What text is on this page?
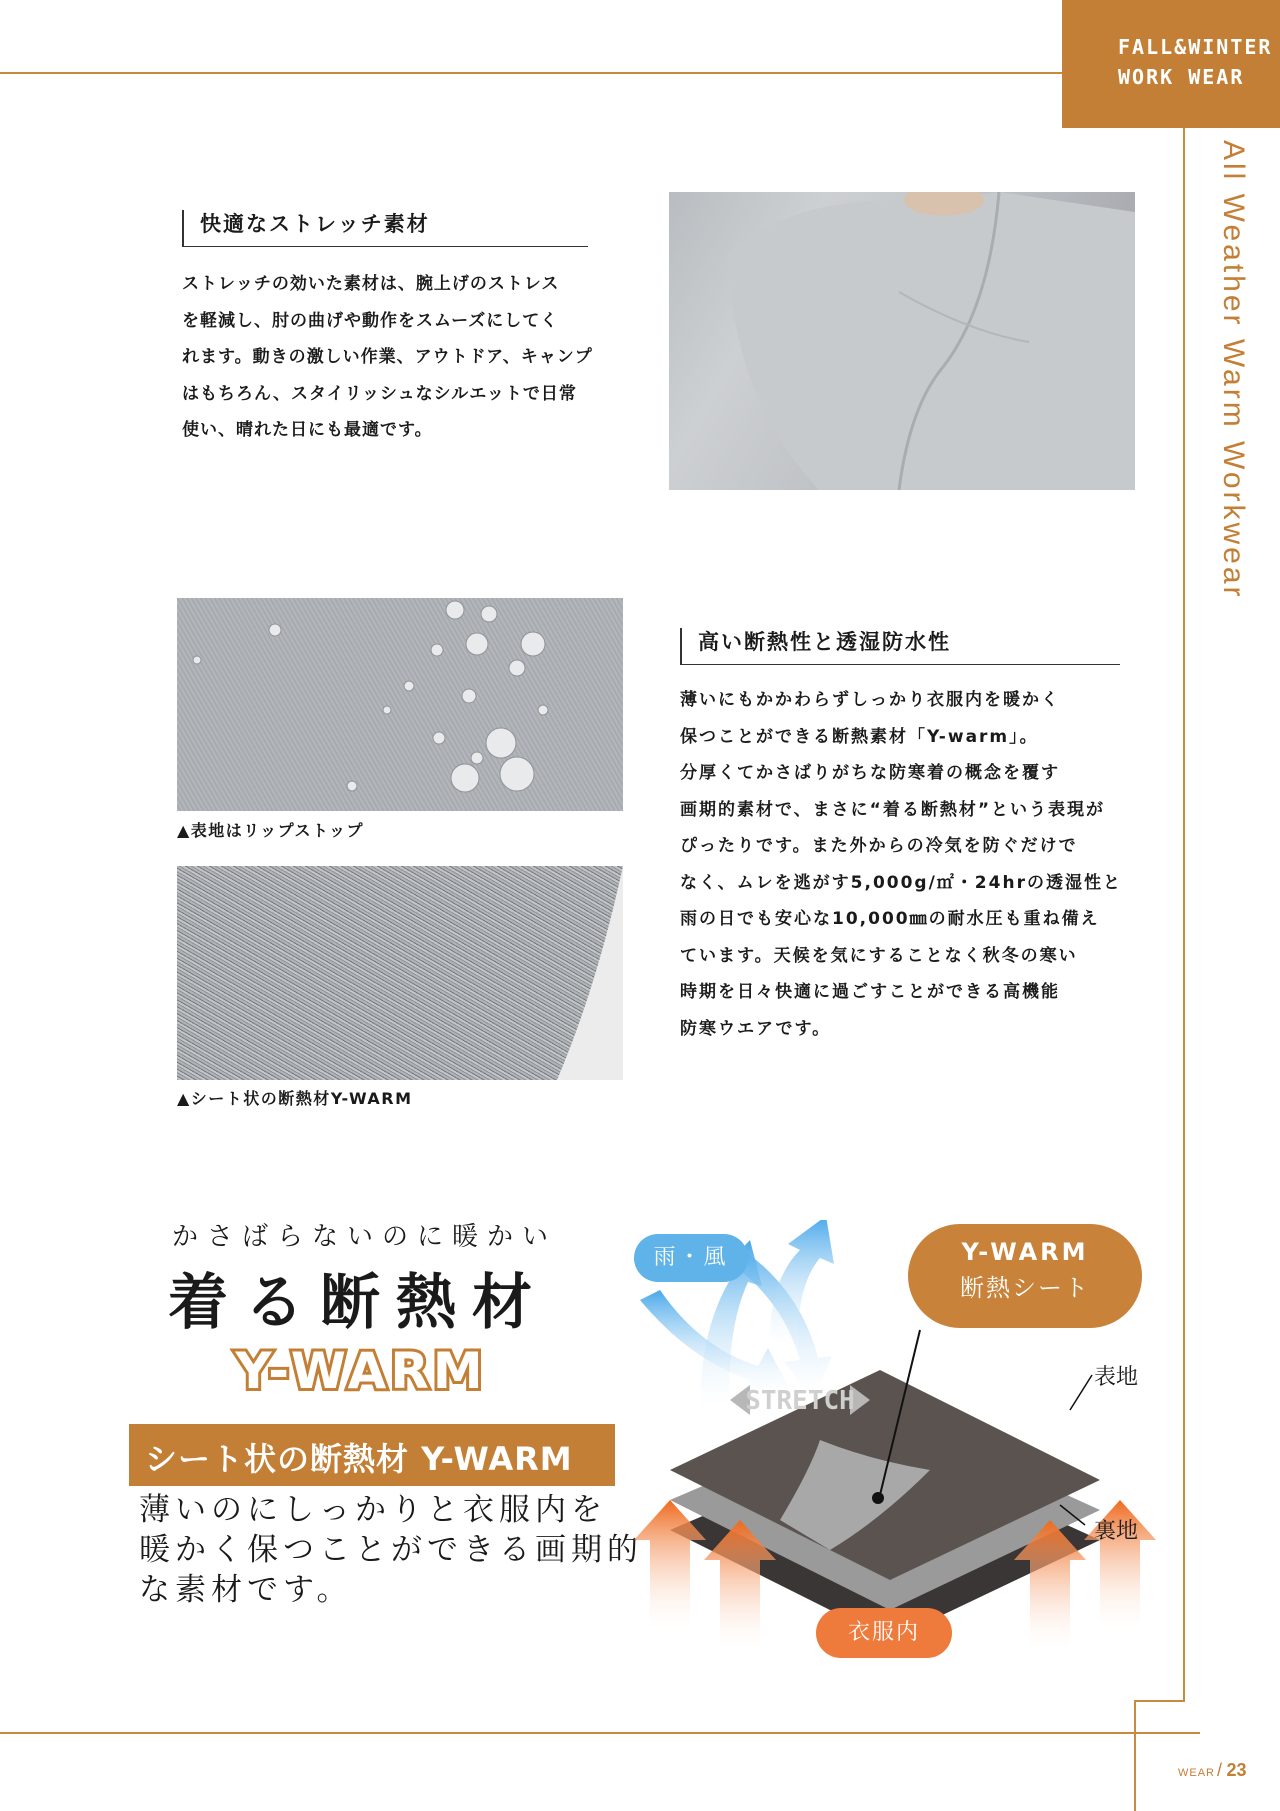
FALL&WINTER
WORK WEAR
All Weather Warm Workwear
WEAR / 23
快適なストレッチ素材

ストレッチの効いた素材は、腕上げのストレス

を軽減し、肘の曲げや動作をスムーズにしてく

れます。動きの激しい作業、アウトドア、キャンプ

はもちろん、スタイリッシュなシルエットで日常

使い、晴れた日にも最適です。

▲表地はリップストップ
▲シート状の断熱材Y-WARM
高い断熱性と透湿防水性

薄いにもかかわらずしっかり衣服内を暖かく

保つことができる断熱素材「Y-warm」。

分厚くてかさばりがちな防寒着の概念を覆す

画期的素材で、まさに“着る断熱材”という表現が

ぴったりです。また外からの冷気を防ぐだけで

なく、ムレを逃がす5,000g/㎡・24hrの透湿性と

雨の日でも安心な10,000㎜の耐水圧も重ね備え

ています。天候を気にすることなく秋冬の寒い

時期を日々快適に過ごすことができる高機能

防寒ウエアです。

かさばらないのに暖かい
着る断熱材
Y-WARM
シート状の断熱材 Y-WARM
薄いのにしっかりと衣服内を
暖かく保つことができる画期的
な素材です。
STRETCH
雨・風	Y-WARM
断熱シート
表地
裏地
衣服内
